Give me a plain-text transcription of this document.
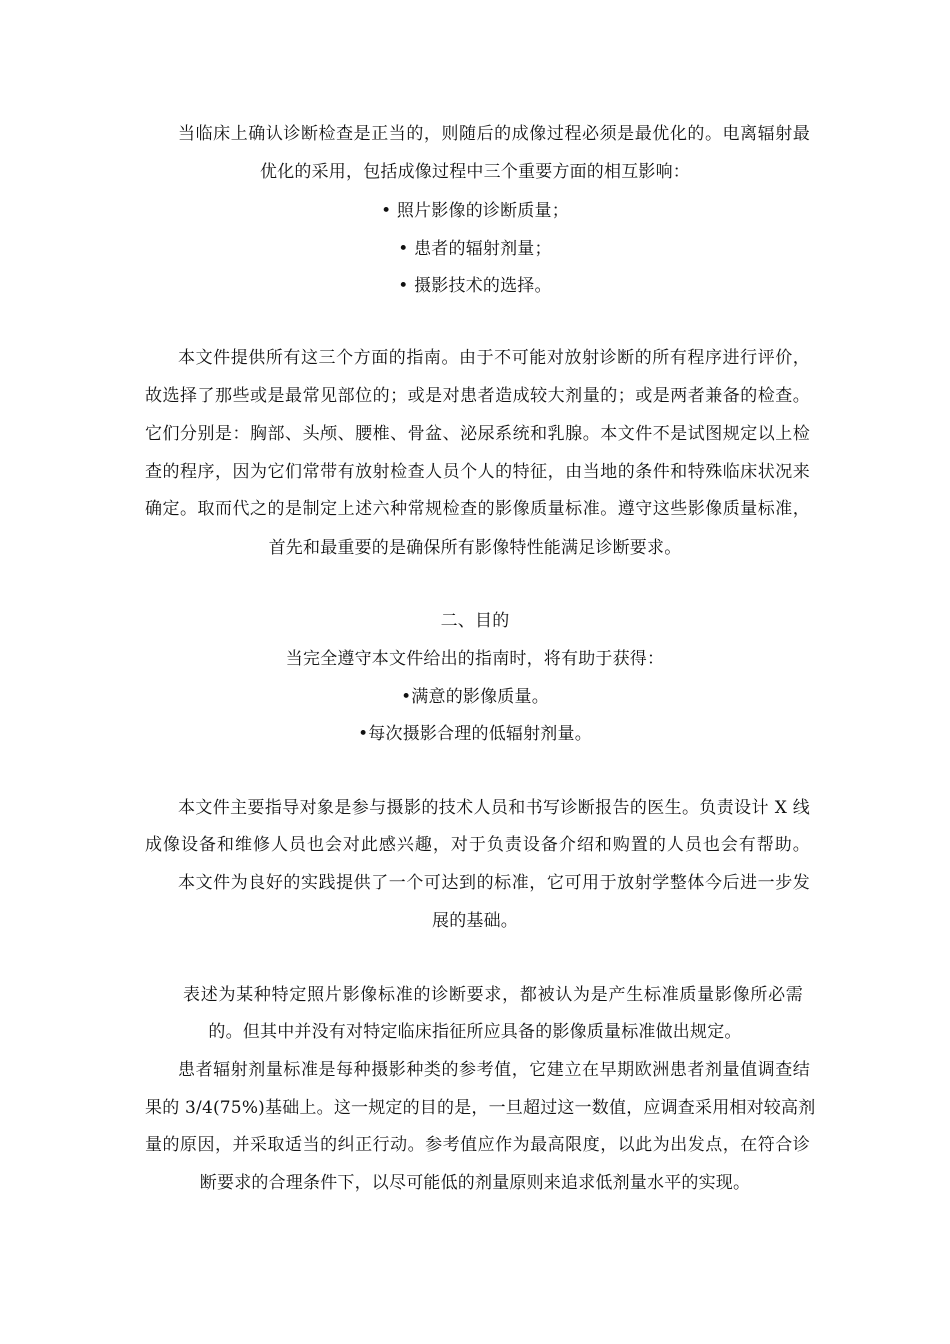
当临床上确认诊断检查是正当的，则随后的成像过程必须是最优化的。电离辐射最
优化的采用，包括成像过程中三个重要方面的相互影响：
• 照片影像的诊断质量；
• 患者的辐射剂量；
• 摄影技术的选择。
本文件提供所有这三个方面的指南。由于不可能对放射诊断的所有程序进行评价，
故选择了那些或是最常见部位的；或是对患者造成较大剂量的；或是两者兼备的检查。
它们分别是：胸部、头颅、腰椎、骨盆、泌尿系统和乳腺。本文件不是试图规定以上检
查的程序，因为它们常带有放射检查人员个人的特征，由当地的条件和特殊临床状况来
确定。取而代之的是制定上述六种常规检查的影像质量标准。遵守这些影像质量标准，
首先和最重要的是确保所有影像特性能满足诊断要求。
二、目的
当完全遵守本文件给出的指南时，将有助于获得：
•满意的影像质量。
•每次摄影合理的低辐射剂量。
本文件主要指导对象是参与摄影的技术人员和书写诊断报告的医生。负责设计 X 线
成像设备和维修人员也会对此感兴趣，对于负责设备介绍和购置的人员也会有帮助。
本文件为良好的实践提供了一个可达到的标准，它可用于放射学整体今后进一步发
展的基础。
表述为某种特定照片影像标准的诊断要求，都被认为是产生标准质量影像所必需
的。但其中并没有对特定临床指征所应具备的影像质量标准做出规定。
患者辐射剂量标准是每种摄影种类的参考值，它建立在早期欧洲患者剂量值调查结
果的 3/4(75%)基础上。这一规定的目的是，一旦超过这一数值，应调查采用相对较高剂
量的原因，并采取适当的纠正行动。参考值应作为最高限度，以此为出发点，在符合诊
断要求的合理条件下，以尽可能低的剂量原则来追求低剂量水平的实现。
